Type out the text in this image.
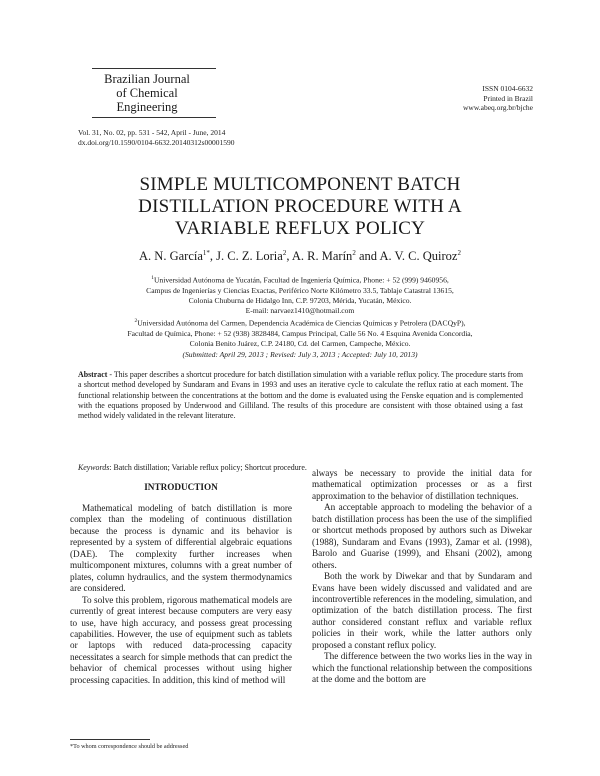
Brazilian Journal
of Chemical
Engineering
ISSN 0104-6632
Printed in Brazil
www.abeq.org.br/bjche
Vol. 31, No. 02, pp. 531 - 542, April - June, 2014
dx.doi.org/10.1590/0104-6632.20140312s00001590
SIMPLE MULTICOMPONENT BATCH
DISTILLATION PROCEDURE WITH A
VARIABLE REFLUX POLICY
A. N. García$^{1*}$, J. C. Z. Loria$^2$, A. R. Marín$^2$ and A. V. C. Quiroz$^2$
$^1$Universidad Autónoma de Yucatán, Facultad de Ingeniería Química, Phone: + 52 (999) 9460956,
Campus de Ingenierías y Ciencias Exactas, Periférico Norte Kilómetro 33.5, Tablaje Catastral 13615,
Colonia Chuburna de Hidalgo Inn, C.P. 97203, Mérida, Yucatán, México.
E-mail: narvaez1410@hotmail.com
$^2$Universidad Autónoma del Carmen, Dependencia Académica de Ciencias Químicas y Petrolera (DACQyP),
Facultad de Química, Phone: + 52 (938) 3828484, Campus Principal, Calle 56 No. 4 Esquina Avenida Concordia,
Colonia Benito Juárez, C.P. 24180, Cd. del Carmen, Campeche, México.
(Submitted: April 29, 2013 ; Revised: July 3, 2013 ; Accepted: July 10, 2013)
Abstract - This paper describes a shortcut procedure for batch distillation simulation with a variable reflux policy. The procedure starts from a shortcut method developed by Sundaram and Evans in 1993 and uses an iterative cycle to calculate the reflux ratio at each moment. The functional relationship between the concentrations at the bottom and the dome is evaluated using the Fenske equation and is complemented with the equations proposed by Underwood and Gilliland. The results of this procedure are consistent with those obtained using a fast method widely validated in the relevant literature.
Keywords: Batch distillation; Variable reflux policy; Shortcut procedure.
INTRODUCTION

Mathematical modeling of batch distillation is more complex than the modeling of continuous distillation because the process is dynamic and its behavior is represented by a system of differential algebraic equations (DAE). The complexity further increases when multicomponent mixtures, columns with a great number of plates, column hydraulics, and the system thermodynamics are considered.

To solve this problem, rigorous mathematical models are currently of great interest because computers are very easy to use, have high accuracy, and possess great processing capabilities. However, the use of equipment such as tablets or laptops with reduced data-processing capacity necessitates a search for simple methods that can predict the behavior of chemical processes without using higher processing capacities. In addition, this kind of method will

always be necessary to provide the initial data for mathematical optimization processes or as a first approximation to the behavior of distillation techniques.

An acceptable approach to modeling the behavior of a batch distillation process has been the use of the simplified or shortcut methods proposed by authors such as Diwekar (1988), Sundaram and Evans (1993), Zamar et al. (1998), Barolo and Guarise (1999), and Ehsani (2002), among others.

Both the work by Diwekar and that by Sundaram and Evans have been widely discussed and validated and are incontrovertible references in the modeling, simulation, and optimization of the batch distillation process. The first author considered constant reflux and variable reflux policies in their work, while the latter authors only proposed a constant reflux policy.

The difference between the two works lies in the way in which the functional relationship between the compositions at the dome and the bottom are

*To whom correspondence should be addressed
